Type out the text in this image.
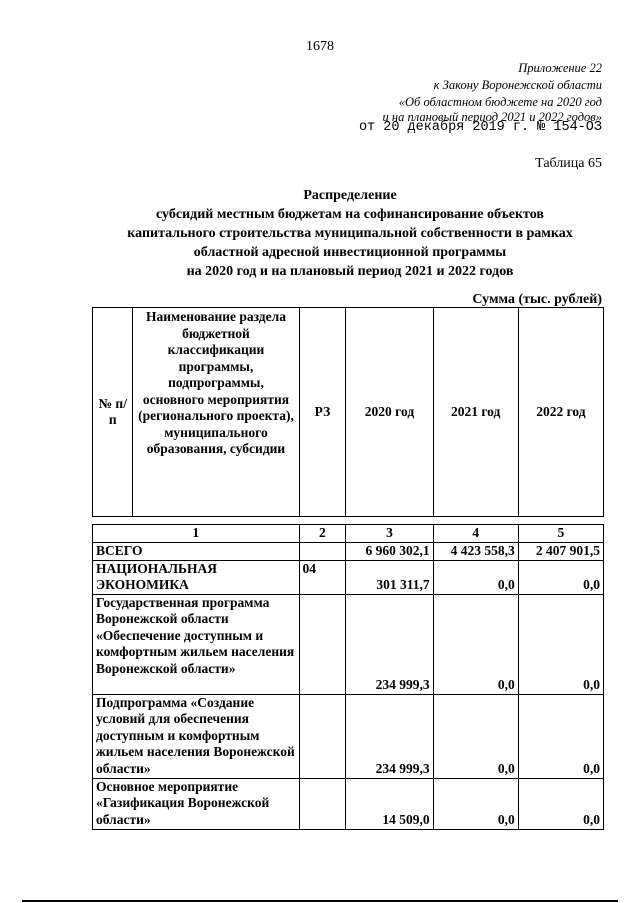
1678
Приложение 22
к Закону Воронежской области
«Об областном бюджете на 2020 год
и на плановый период 2021 и 2022 годов»
от 20 декабря 2019 г. № 154-ОЗ
Таблица 65
Распределение
субсидий местным бюджетам на софинансирование объектов
капитального строительства муниципальной собственности в рамках
областной адресной инвестиционной программы
на 2020 год и на плановый период 2021 и 2022 годов
Сумма (тыс. рублей)
№ п/п	Наименование раздела бюджетной классификации программы, подпрограммы, основного мероприятия (регионального проекта), муниципального образования, субсидии	РЗ	2020 год	2021 год	2022 год
1	2	3	4	5
ВСЕГО		6 960 302,1	4 423 558,3	2 407 901,5
НАЦИОНАЛЬНАЯ ЭКОНОМИКА	04	301 311,7	0,0	0,0
Государственная программа Воронежской области «Обеспечение доступным и комфортным жильем населения Воронежской области»		234 999,3	0,0	0,0
Подпрограмма «Создание условий для обеспечения доступным и комфортным жильем населения Воронежской области»		234 999,3	0,0	0,0
Основное мероприятие «Газификация Воронежской области»		14 509,0	0,0	0,0
